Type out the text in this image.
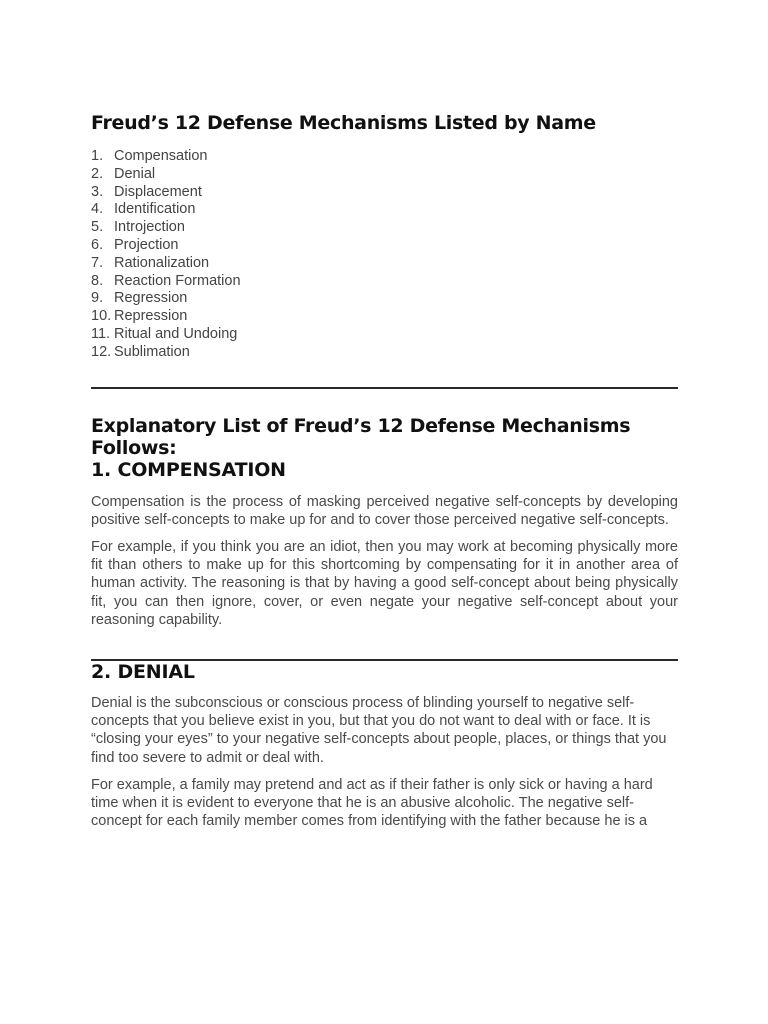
Freud’s 12 Defense Mechanisms Listed by Name
1. Compensation
2. Denial
3. Displacement
4. Identification
5. Introjection
6. Projection
7. Rationalization
8. Reaction Formation
9. Regression
10. Repression
11. Ritual and Undoing
12. Sublimation
Explanatory List of Freud’s 12 Defense Mechanisms Follows:
1. COMPENSATION

Compensation is the process of masking perceived negative self-concepts by developing positive self-concepts to make up for and to cover those perceived negative self-concepts.

For example, if you think you are an idiot, then you may work at becoming physically more fit than others to make up for this shortcoming by compensating for it in another area of human activity. The reasoning is that by having a good self-concept about being physically fit, you can then ignore, cover, or even negate your negative self-concept about your reasoning capability.

2. DENIAL

Denial is the subconscious or conscious process of blinding yourself to negative self-concepts that you believe exist in you, but that you do not want to deal with or face. It is “closing your eyes” to your negative self-concepts about people, places, or things that you find too severe to admit or deal with.

For example, a family may pretend and act as if their father is only sick or having a hard time when it is evident to everyone that he is an abusive alcoholic. The negative self-concept for each family member comes from identifying with the father because he is a
